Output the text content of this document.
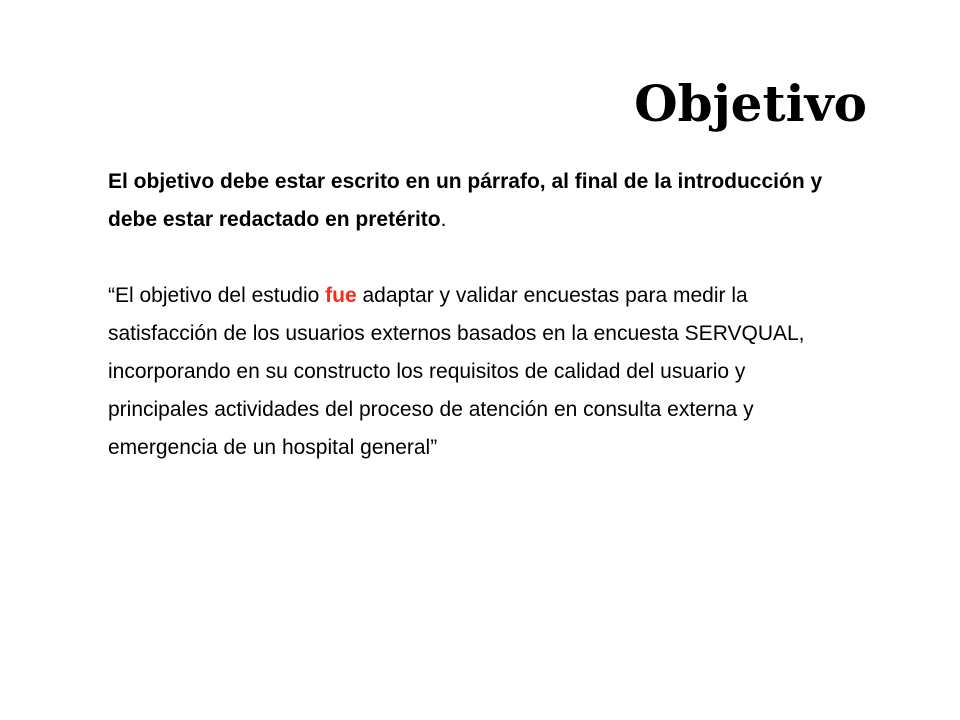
Objetivo

El objetivo debe estar escrito en un párrafo, al final de la introducción y debe estar redactado en pretérito.

“El objetivo del estudio fue adaptar y validar encuestas para medir la satisfacción de los usuarios externos basados en la encuesta SERVQUAL, incorporando en su constructo los requisitos de calidad del usuario y principales actividades del proceso de atención en consulta externa y emergencia de un hospital general”
